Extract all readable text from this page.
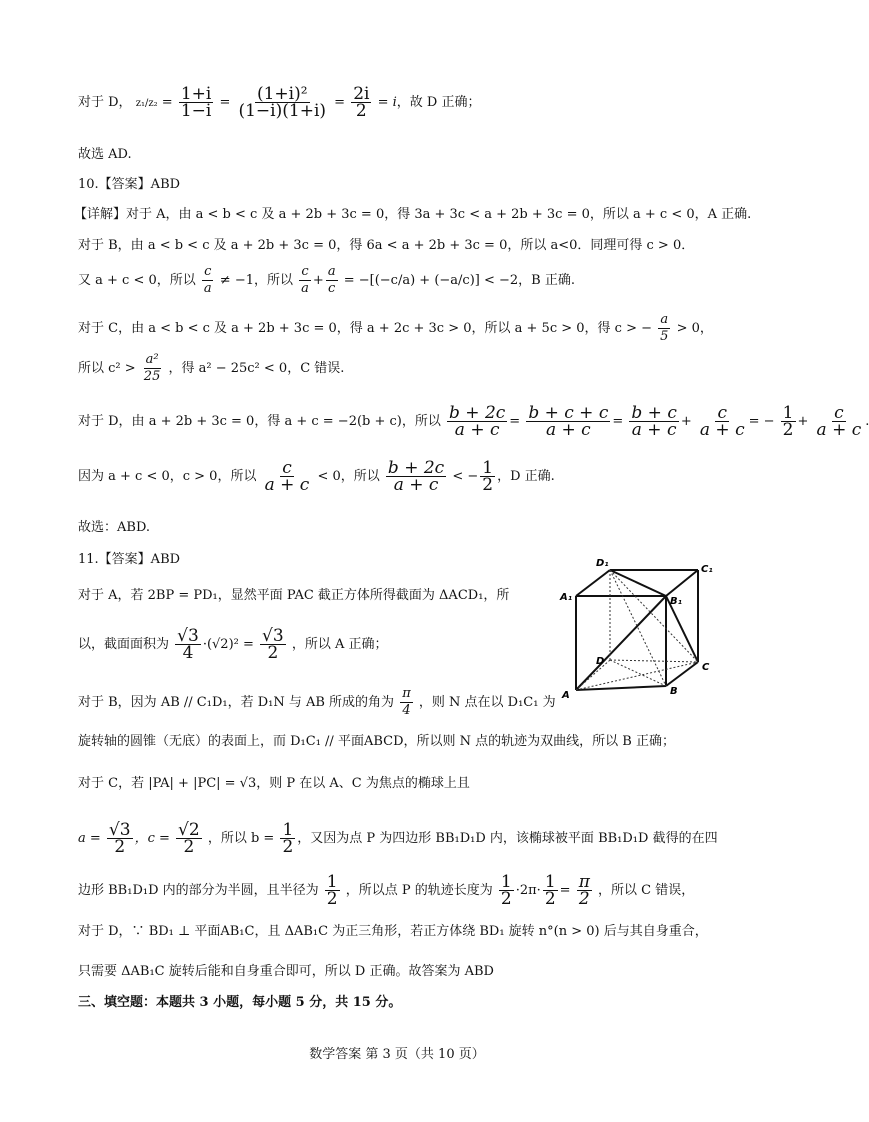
对于 D， $z_1/z_2 = \frac{1+i}{1-i} = \frac{\text{(1+i)²}}{(1-i)(1+i)} = \frac{2i}{2} = i$，故 D 正确；
故选 AD.
10.【答案】ABD
【详解】对于 A，由 a < b < c 及 a + 2b + 3c = 0，得 3a + 3c < a + 2b + 3c = 0，所以 a + c < 0，A 正确.
对于 B，由 a < b < c 及 a + 2b + 3c = 0，得 6a < a + 2b + 3c = 0，所以 a<0．同理可得 c > 0．
又 a + c < 0，所以 $\frac{c}{a} \ne -1$，所以 $\frac{c}{a} + \frac{a}{c} = -[(-c/a) + (-a/c)] < -2$，B 正确.
对于 C，由 a < b < c 及 a + 2b + 3c = 0，得 a + 2c + 3c > 0，所以 a + 5c > 0，得 c > − $\frac{a}{5} > 0$，
所以 $c^2 > \frac{\text{a²}}{25}$ ，得 a² − 25c² < 0，C 错误.
对于 D，由 a + 2b + 3c = 0，得 a + c = −2(b + c)，所以 $\frac{b + 2c}{a + c} = \frac{b + c + c}{a + c} = \frac{b + c}{a + c} + \frac{c}{a + c}$ = − $\frac{1}{2} + \frac{c}{a + c}$ .
因为 a + c < 0，c > 0，所以 $\frac{c}{a + c} < 0$，所以 $\frac{b + 2c}{a + c}$ < − $\frac{1}{2}$ ，D 正确.
故选：ABD.
11.【答案】ABD
对于 A，若 2BP = PD₁，显然平面 PAC 截正方体所得截面为 ΔACD₁，所
以，截面面积为 $\frac{√3}{4} \cdot(√2)^2 = \frac{√3}{2}$ ，所以 A 正确；
对于 B，因为 AB // C₁D₁，若 D₁N 与 AB 所成的角为 $\frac{\pi}{4}$ ，则 N 点在以 D₁C₁ 为
旋转轴的圆锥（无底）的表面上，而 D₁C₁ // 平面ABCD，所以则 N 点的轨迹为双曲线，所以 B 正确；
对于 C，若 |PA| + |PC| = √3，则 P 在以 A、C 为焦点的椭球上且
$a = \frac{√3}{2}$ ，$c = \frac{√2}{2}$ ，所以 $b = \frac{1}{2}$ ，又因为点 P 为四边形 BB₁D₁D 内，该椭球被平面 BB₁D₁D 截得的在四
边形 BB₁D₁D 内的部分为半圆，且半径为 $\frac{1}{2}$ ，所以点 P 的轨迹长度为 $\frac{1}{2} \cdot 2\pi\cdot \frac{1}{2} = \frac{\pi}{2}$ ，所以 C 错误，
对于 D，∵ BD₁ ⊥ 平面AB₁C，且 ΔAB₁C 为正三角形，若正方体绕 BD₁ 旋转 n°(n > 0) 后与其自身重合，
只需要 ΔAB₁C 旋转后能和自身重合即可，所以 D 正确。故答案为 ABD
三、填空题：本题共 3 小题，每小题 5 分，共 15 分。
D₁
C₁
A₁	B₁
D
C
A	B
数学答案 第 3 页（共 10 页）
